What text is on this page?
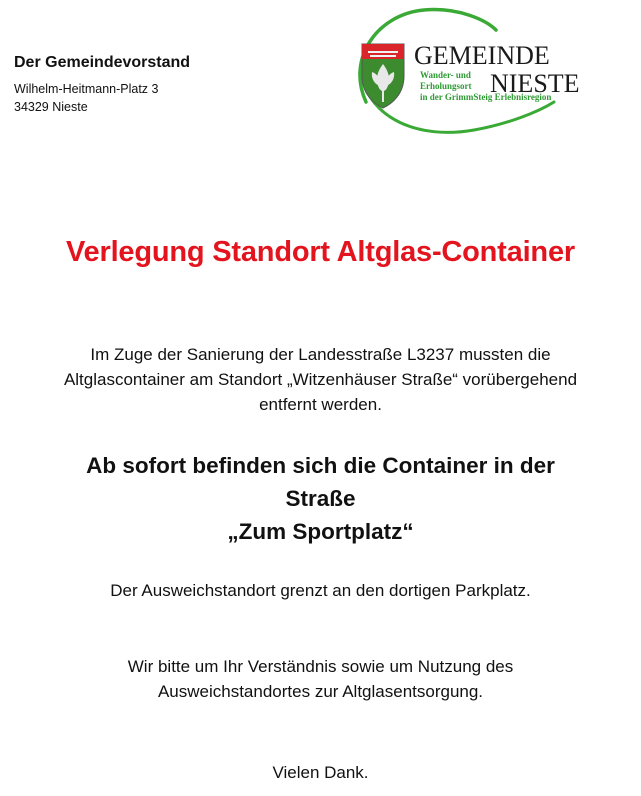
Der Gemeindevorstand
Wilhelm-Heitmann-Platz 3
34329 Nieste
GEMEINDE
NIESTE
Wander- und
Erholungsort
in der GrimmSteig Erlebnisregion
Verlegung Standort Altglas-Container
Im Zuge der Sanierung der Landesstraße L3237 mussten die
Altglascontainer am Standort „Witzenhäuser Straße“ vorübergehend
entfernt werden.
Ab sofort befinden sich die Container in der
Straße
„Zum Sportplatz“
Der Ausweichstandort grenzt an den dortigen Parkplatz.
Wir bitte um Ihr Verständnis sowie um Nutzung des
Ausweichstandortes zur Altglasentsorgung.
Vielen Dank.
